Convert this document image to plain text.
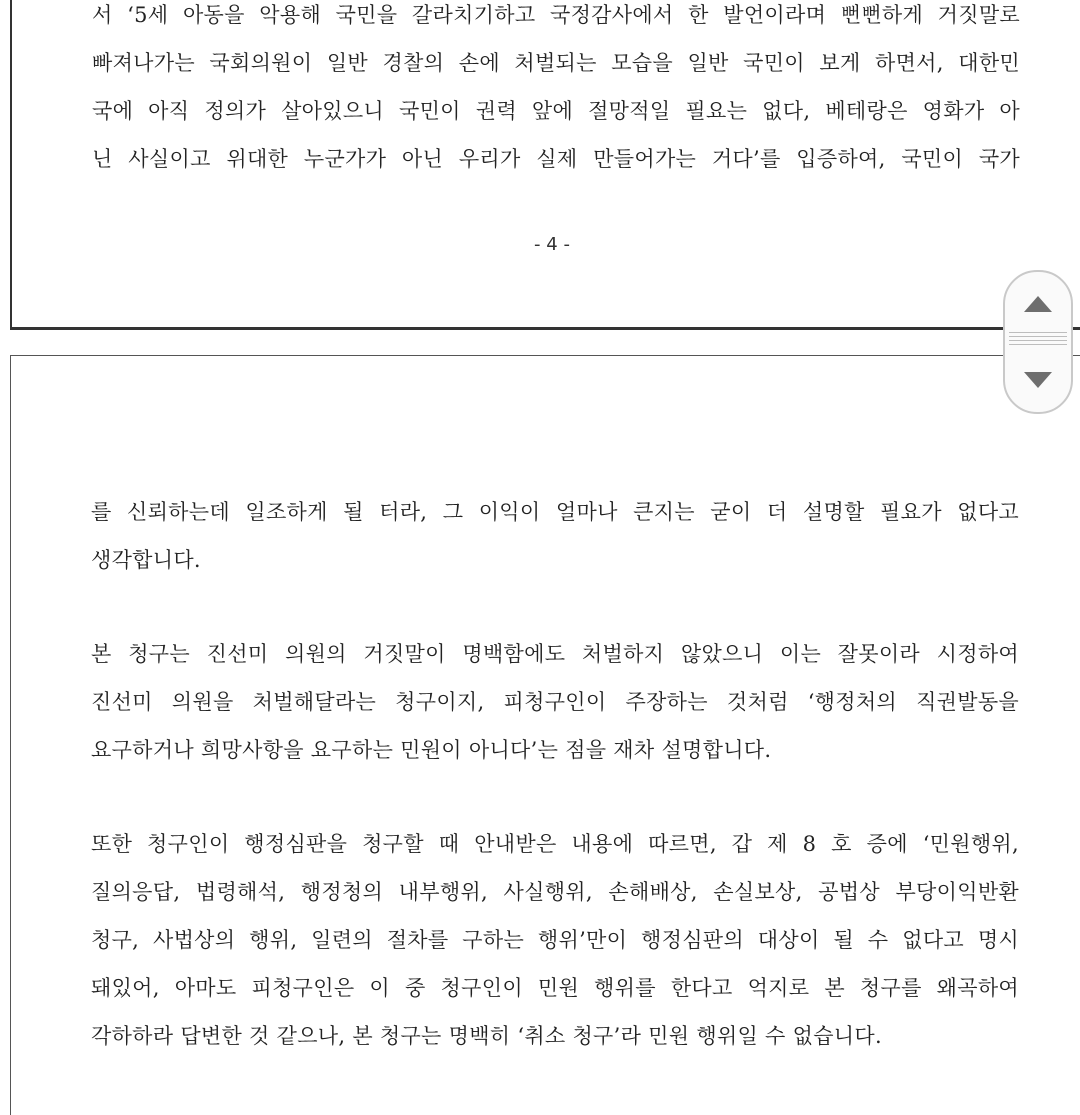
서 ‘5세 아동을 악용해 국민을 갈라치기하고 국정감사에서 한 발언이라며 뻔뻔하게 거짓말로
빠져나가는 국회의원이 일반 경찰의 손에 처벌되는 모습을 일반 국민이 보게 하면서, 대한민
국에 아직 정의가 살아있으니 국민이 권력 앞에 절망적일 필요는 없다, 베테랑은 영화가 아
닌 사실이고 위대한 누군가가 아닌 우리가 실제 만들어가는 거다’를 입증하여, 국민이 국가
- 4 -
를 신뢰하는데 일조하게 될 터라, 그 이익이 얼마나 큰지는 굳이 더 설명할 필요가 없다고
생각합니다.
본 청구는 진선미 의원의 거짓말이 명백함에도 처벌하지 않았으니 이는 잘못이라 시정하여
진선미 의원을 처벌해달라는 청구이지, 피청구인이 주장하는 것처럼 ‘행정처의 직권발동을
요구하거나 희망사항을 요구하는 민원이 아니다’는 점을 재차 설명합니다.
또한 청구인이 행정심판을 청구할 때 안내받은 내용에 따르면, 갑 제 8 호 증에 ‘민원행위,
질의응답, 법령해석, 행정청의 내부행위, 사실행위, 손해배상, 손실보상, 공법상 부당이익반환
청구, 사법상의 행위, 일련의 절차를 구하는 행위’만이 행정심판의 대상이 될 수 없다고 명시
돼있어, 아마도 피청구인은 이 중 청구인이 민원 행위를 한다고 억지로 본 청구를 왜곡하여
각하하라 답변한 것 같으나, 본 청구는 명백히 ‘취소 청구’라 민원 행위일 수 없습니다.
